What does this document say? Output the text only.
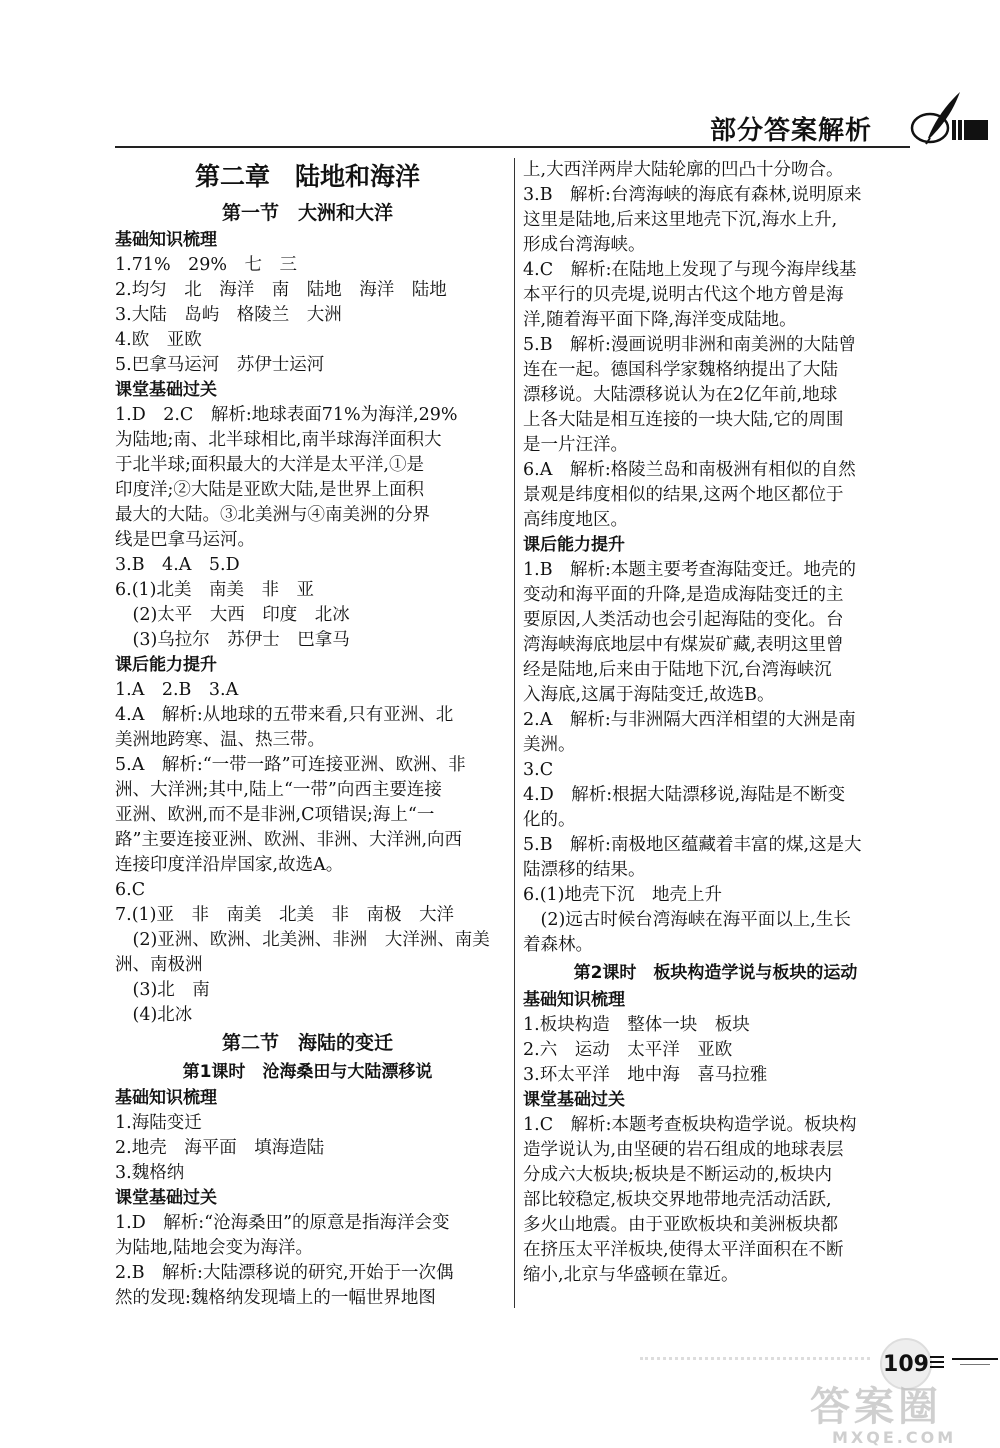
部分答案解析
第二章　陆地和海洋
第一节　大洲和大洋
基础知识梳理
1.71%　29%　七　三
2.均匀　北　海洋　南　陆地　海洋　陆地
3.大陆　岛屿　格陵兰　大洲
4.欧　亚欧
5.巴拿马运河　苏伊士运河
课堂基础过关
1.D　2.C　解析:地球表面71%为海洋,29%
为陆地;南、北半球相比,南半球海洋面积大
于北半球;面积最大的大洋是太平洋,①是
印度洋;②大陆是亚欧大陆,是世界上面积
最大的大陆。③北美洲与④南美洲的分界
线是巴拿马运河。
3.B　4.A　5.D
6.(1)北美　南美　非　亚
　(2)太平　大西　印度　北冰
　(3)乌拉尔　苏伊士　巴拿马
课后能力提升
1.A　2.B　3.A
4.A　解析:从地球的五带来看,只有亚洲、北
美洲地跨寒、温、热三带。
5.A　解析:“一带一路”可连接亚洲、欧洲、非
洲、大洋洲;其中,陆上“一带”向西主要连接
亚洲、欧洲,而不是非洲,C项错误;海上“一
路”主要连接亚洲、欧洲、非洲、大洋洲,向西
连接印度洋沿岸国家,故选A。
6.C
7.(1)亚　非　南美　北美　非　南极　大洋
　(2)亚洲、欧洲、北美洲、非洲　大洋洲、南美
洲、南极洲
　(3)北　南
　(4)北冰
第二节　海陆的变迁
第1课时　沧海桑田与大陆漂移说
基础知识梳理
1.海陆变迁
2.地壳　海平面　填海造陆
3.魏格纳
课堂基础过关
1.D　解析:“沧海桑田”的原意是指海洋会变
为陆地,陆地会变为海洋。
2.B　解析:大陆漂移说的研究,开始于一次偶
然的发现:魏格纳发现墙上的一幅世界地图
上,大西洋两岸大陆轮廓的凹凸十分吻合。
3.B　解析:台湾海峡的海底有森林,说明原来
这里是陆地,后来这里地壳下沉,海水上升,
形成台湾海峡。
4.C　解析:在陆地上发现了与现今海岸线基
本平行的贝壳堤,说明古代这个地方曾是海
洋,随着海平面下降,海洋变成陆地。
5.B　解析:漫画说明非洲和南美洲的大陆曾
连在一起。德国科学家魏格纳提出了大陆
漂移说。大陆漂移说认为在2亿年前,地球
上各大陆是相互连接的一块大陆,它的周围
是一片汪洋。
6.A　解析:格陵兰岛和南极洲有相似的自然
景观是纬度相似的结果,这两个地区都位于
高纬度地区。
课后能力提升
1.B　解析:本题主要考查海陆变迁。地壳的
变动和海平面的升降,是造成海陆变迁的主
要原因,人类活动也会引起海陆的变化。台
湾海峡海底地层中有煤炭矿藏,表明这里曾
经是陆地,后来由于陆地下沉,台湾海峡沉
入海底,这属于海陆变迁,故选B。
2.A　解析:与非洲隔大西洋相望的大洲是南
美洲。
3.C
4.D　解析:根据大陆漂移说,海陆是不断变
化的。
5.B　解析:南极地区蕴藏着丰富的煤,这是大
陆漂移的结果。
6.(1)地壳下沉　地壳上升
　(2)远古时候台湾海峡在海平面以上,生长
着森林。
第2课时　板块构造学说与板块的运动
基础知识梳理
1.板块构造　整体一块　板块
2.六　运动　太平洋　亚欧
3.环太平洋　地中海　喜马拉雅
课堂基础过关
1.C　解析:本题考查板块构造学说。板块构
造学说认为,由坚硬的岩石组成的地球表层
分成六大板块;板块是不断运动的,板块内
部比较稳定,板块交界地带地壳活动活跃,
多火山地震。由于亚欧板块和美洲板块都
在挤压太平洋板块,使得太平洋面积在不断
缩小,北京与华盛顿在靠近。
109
答案圈
MXQE.COM
